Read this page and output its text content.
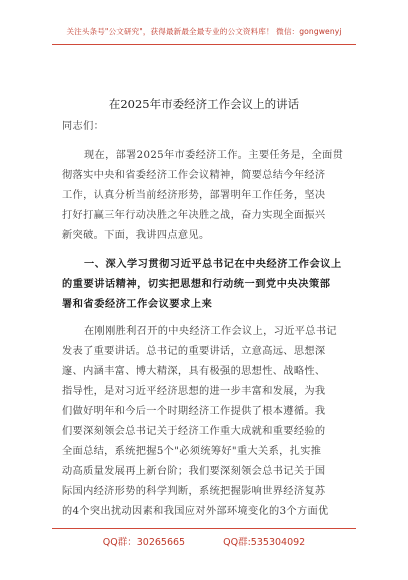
关注头条号"公文研究"，获得最新最全最专业的公文资料库！ 微信：gongwenyj
在2025年市委经济工作会议上的讲话
同志们：
现在，部署2025年市委经济工作。主要任务是，全面贯
彻落实中央和省委经济工作会议精神，简要总结今年经济
工作，认真分析当前经济形势，部署明年工作任务，坚决
打好打赢三年行动决胜之年决胜之战，奋力实现全面振兴
新突破。下面，我讲四点意见。
一、深入学习贯彻习近平总书记在中央经济工作会议上
的重要讲话精神，切实把思想和行动统一到党中央决策部
署和省委经济工作会议要求上来
在刚刚胜利召开的中央经济工作会议上，习近平总书记
发表了重要讲话。总书记的重要讲话，立意高远、思想深
邃、内涵丰富、博大精深，具有极强的思想性、战略性、
指导性，是对习近平经济思想的进一步丰富和发展，为我
们做好明年和今后一个时期经济工作提供了根本遵循。我
们要深刻领会总书记关于经济工作重大成就和重要经验的
全面总结，系统把握5个"必须统筹好"重大关系，扎实推
动高质量发展再上新台阶；我们要深刻领会总书记关于国
际国内经济形势的科学判断，系统把握影响世界经济复苏
的4个突出扰动因素和我国应对外部环境变化的3个方面优
QQ群：30265665	QQ群:535304092
